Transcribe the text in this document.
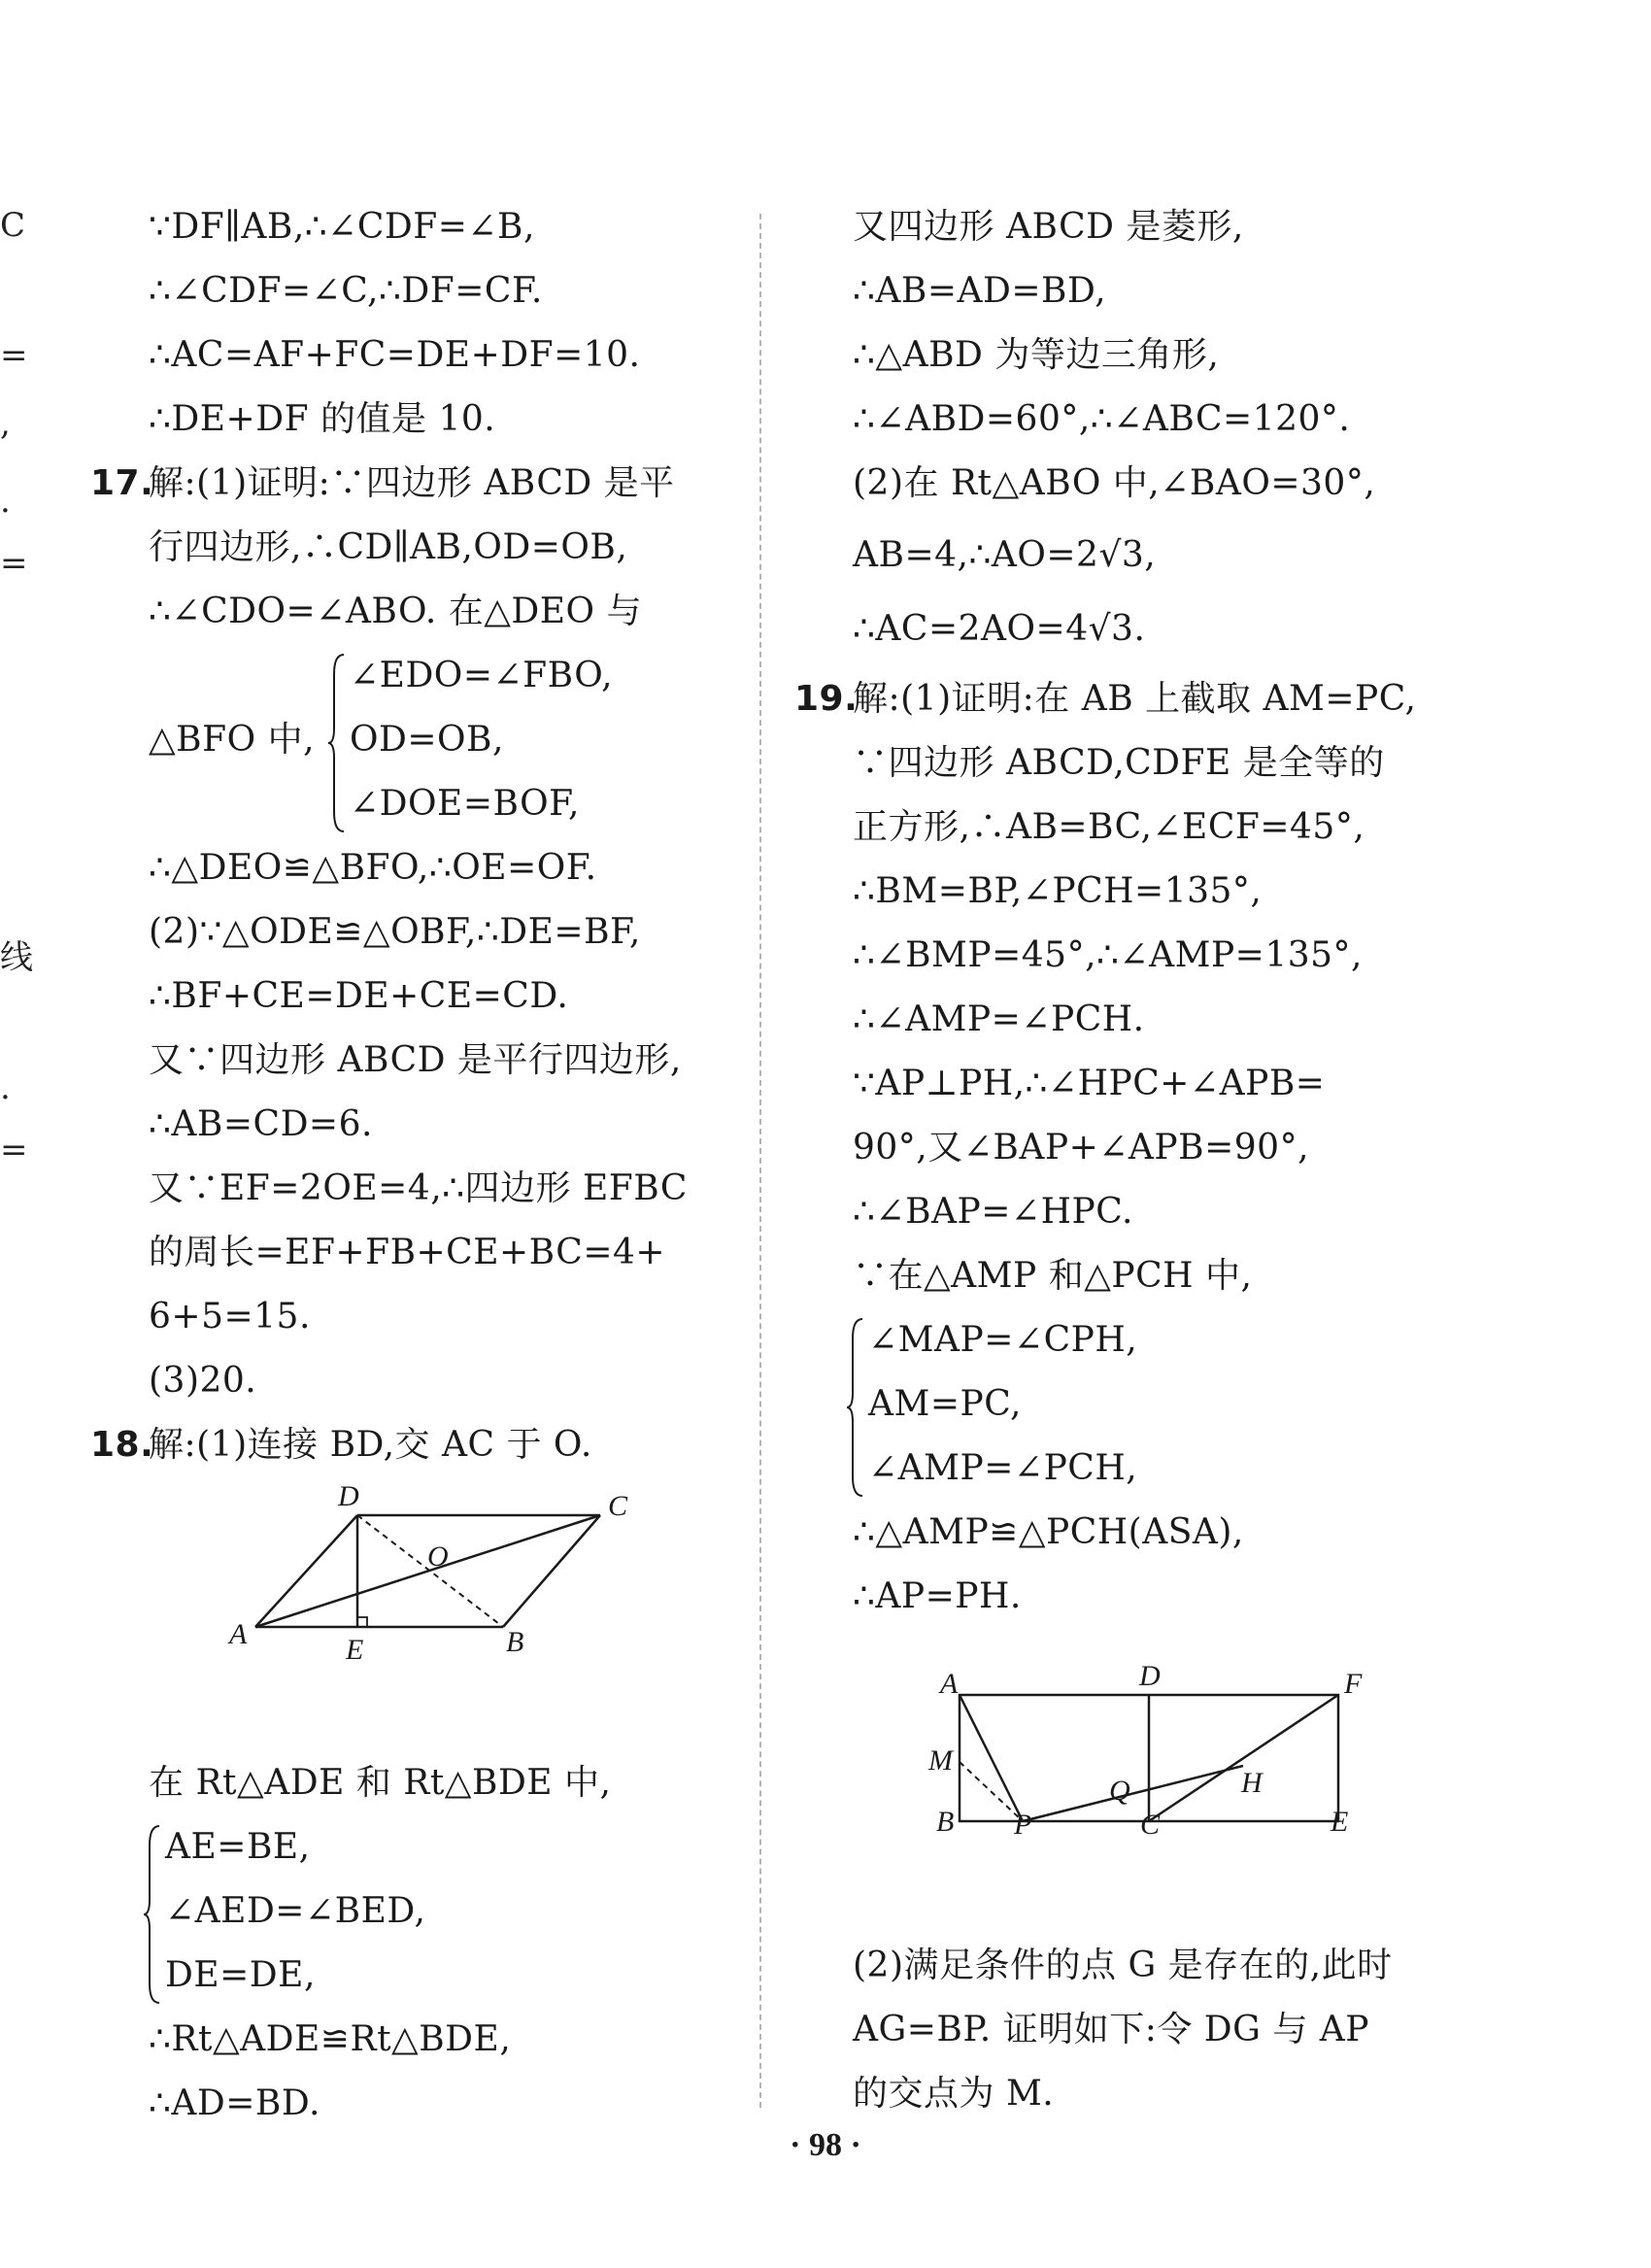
C
=
,
.
=
线
.
=
∵DF∥AB,∴∠CDF=∠B,
∴∠CDF=∠C,∴DF=CF.
∴AC=AF+FC=DE+DF=10.
∴DE+DF 的值是 10.
17.
解:(1)证明:∵四边形 ABCD 是平
行四边形,∴CD∥AB,OD=OB,
∴∠CDO=∠ABO. 在△DEO 与
∠EDO=∠FBO,
△BFO 中, OD=OB,
∠DOE=BOF,
∴△DEO≌△BFO,∴OE=OF.
(2)∵△ODE≌△OBF,∴DE=BF,
∴BF+CE=DE+CE=CD.
又∵四边形 ABCD 是平行四边形,
∴AB=CD=6.
又∵EF=2OE=4,∴四边形 EFBC
的周长=EF+FB+CE+BC=4+
6+5=15.
(3)20.
18.
解:(1)连接 BD,交 AC 于 O.
D	C
O
A	E	B
在 Rt△ADE 和 Rt△BDE 中,
AE=BE,
∠AED=∠BED,
DE=DE,
∴Rt△ADE≌Rt△BDE,
∴AD=BD.
又四边形 ABCD 是菱形,
∴AB=AD=BD,
∴△ABD 为等边三角形,
∴∠ABD=60°,∴∠ABC=120°.
(2)在 Rt△ABO 中,∠BAO=30°,
AB=4,∴AO=2√3,
∴AC=2AO=4√3.
19.
解:(1)证明:在 AB 上截取 AM=PC,
∵四边形 ABCD,CDFE 是全等的
正方形,∴AB=BC,∠ECF=45°,
∴BM=BP,∠PCH=135°,
∴∠BMP=45°,∴∠AMP=135°,
∴∠AMP=∠PCH.
∵AP⊥PH,∴∠HPC+∠APB=
90°,又∠BAP+∠APB=90°,
∴∠BAP=∠HPC.
∵在△AMP 和△PCH 中,
∠MAP=∠CPH,
AM=PC,
∠AMP=∠PCH,
∴△AMP≌△PCH(ASA),
∴AP=PH.
A	D	F
M
Q	H
B P	C	E
(2)满足条件的点 G 是存在的,此时
AG=BP. 证明如下:令 DG 与 AP
的交点为 M.
· 98 ·
